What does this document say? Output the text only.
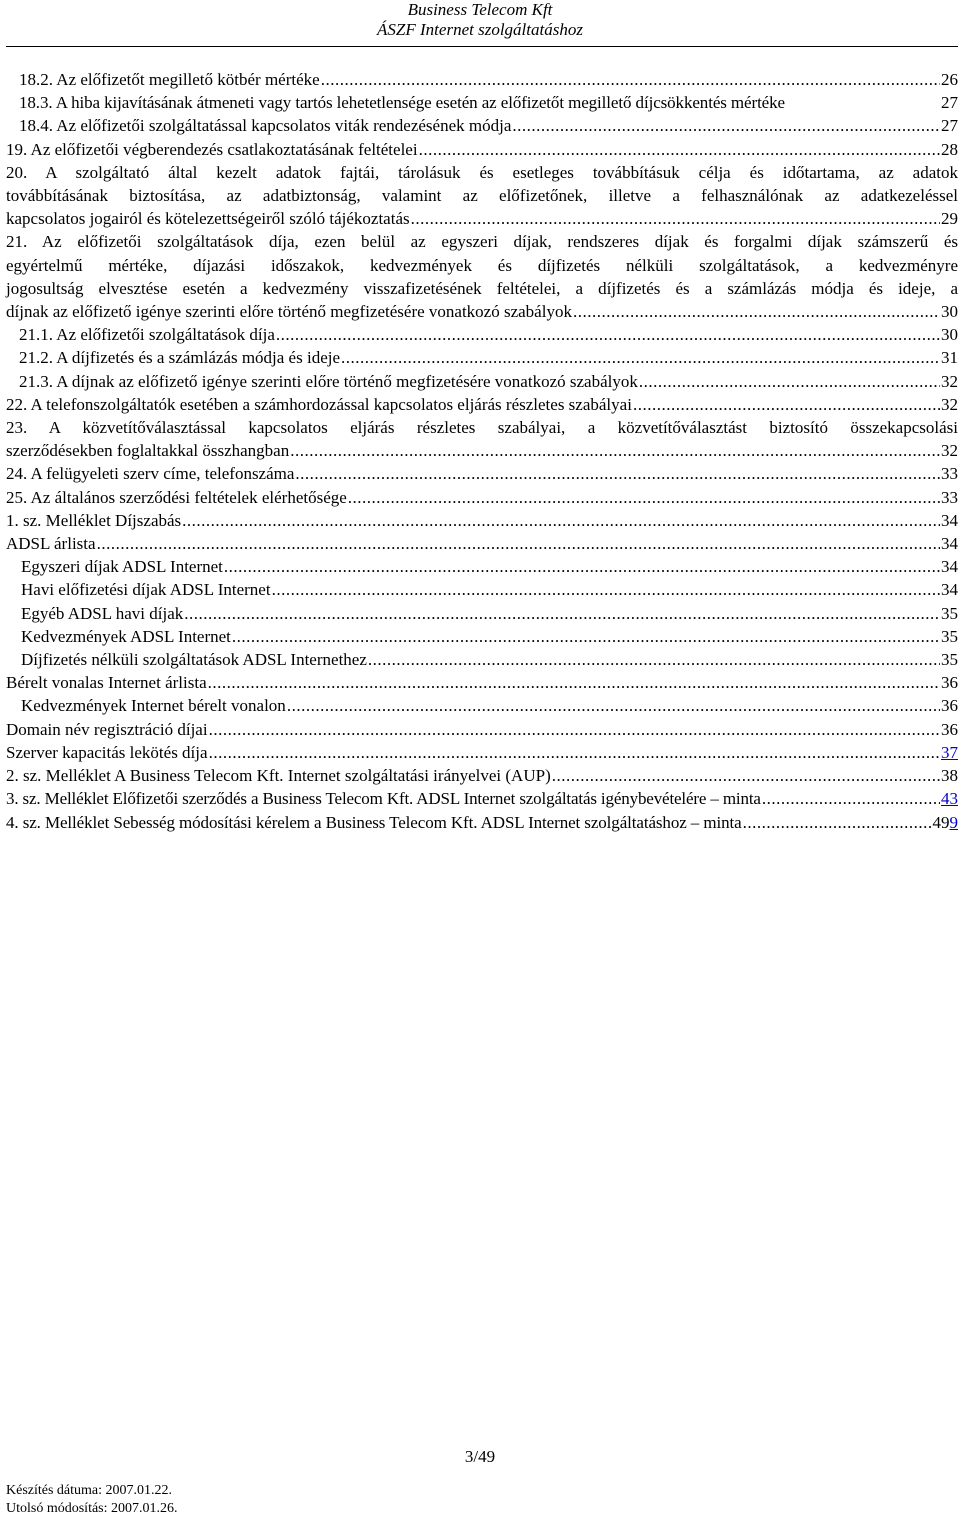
Business Telecom Kft
ÁSZF Internet szolgáltatáshoz
18.2. Az előfizetőt megillető kötbér mértéke .....	26
18.3. A hiba kijavításának átmeneti vagy tartós lehetetlensége esetén az előfizetőt megillető díjcsökkentés mértéke	27
18.4. Az előfizetői szolgáltatással kapcsolatos viták rendezésének módja .....	27
19. Az előfizetői végberendezés csatlakoztatásának feltételei .....	28
20. A szolgáltató által kezelt adatok fajtái, tárolásuk és esetleges továbbításuk célja és időtartama, az adatok
továbbításának biztosítása, az adatbiztonság, valamint az előfizetőnek, illetve a felhasználónak az adatkezeléssel
kapcsolatos jogairól és kötelezettségeiről szóló tájékoztatás .....	29
21. Az előfizetői szolgáltatások díja, ezen belül az egyszeri díjak, rendszeres díjak és forgalmi díjak számszerű és
egyértelmű mértéke, díjazási időszakok, kedvezmények és díjfizetés nélküli szolgáltatások, a kedvezményre
jogosultság elvesztése esetén a kedvezmény visszafizetésének feltételei, a díjfizetés és a számlázás módja és ideje, a
díjnak az előfizető igénye szerinti előre történő megfizetésére vonatkozó szabályok .....	30
21.1. Az előfizetői szolgáltatások díja .....	30
21.2. A díjfizetés és a számlázás módja és ideje .....	31
21.3. A díjnak az előfizető igénye szerinti előre történő megfizetésére vonatkozó szabályok .....	32
22. A telefonszolgáltatók esetében a számhordozással kapcsolatos eljárás részletes szabályai .....	32
23. A közvetítőválasztással kapcsolatos eljárás részletes szabályai, a közvetítőválasztást biztosító összekapcsolási
szerződésekben foglaltakkal összhangban .....	32
24. A felügyeleti szerv címe, telefonszáma .....	33
25. Az általános szerződési feltételek elérhetősége .....	33
1. sz. Melléklet Díjszabás .....	34
ADSL árlista .....	34
Egyszeri díjak ADSL Internet .....	34
Havi előfizetési díjak ADSL Internet .....	34
Egyéb ADSL havi díjak .....	35
Kedvezmények ADSL Internet .....	35
Díjfizetés nélküli szolgáltatások ADSL Internethez .....	35
Bérelt vonalas Internet árlista .....	36
Kedvezmények Internet bérelt vonalon .....	36
Domain név regisztráció díjai .....	36
Szerver kapacitás lekötés díja .....	37
2. sz. Melléklet A Business Telecom Kft. Internet szolgáltatási irányelvei (AUP) .....	38
3. sz. Melléklet Előfizetői szerződés a Business Telecom Kft. ADSL Internet szolgáltatás igénybevételére – minta .....	43
4. sz. Melléklet Sebesség módosítási kérelem a Business Telecom Kft. ADSL Internet szolgáltatáshoz – minta .....	499
3/49
Készítés dátuma: 2007.01.22.
Utolsó módosítás: 2007.01.26.
